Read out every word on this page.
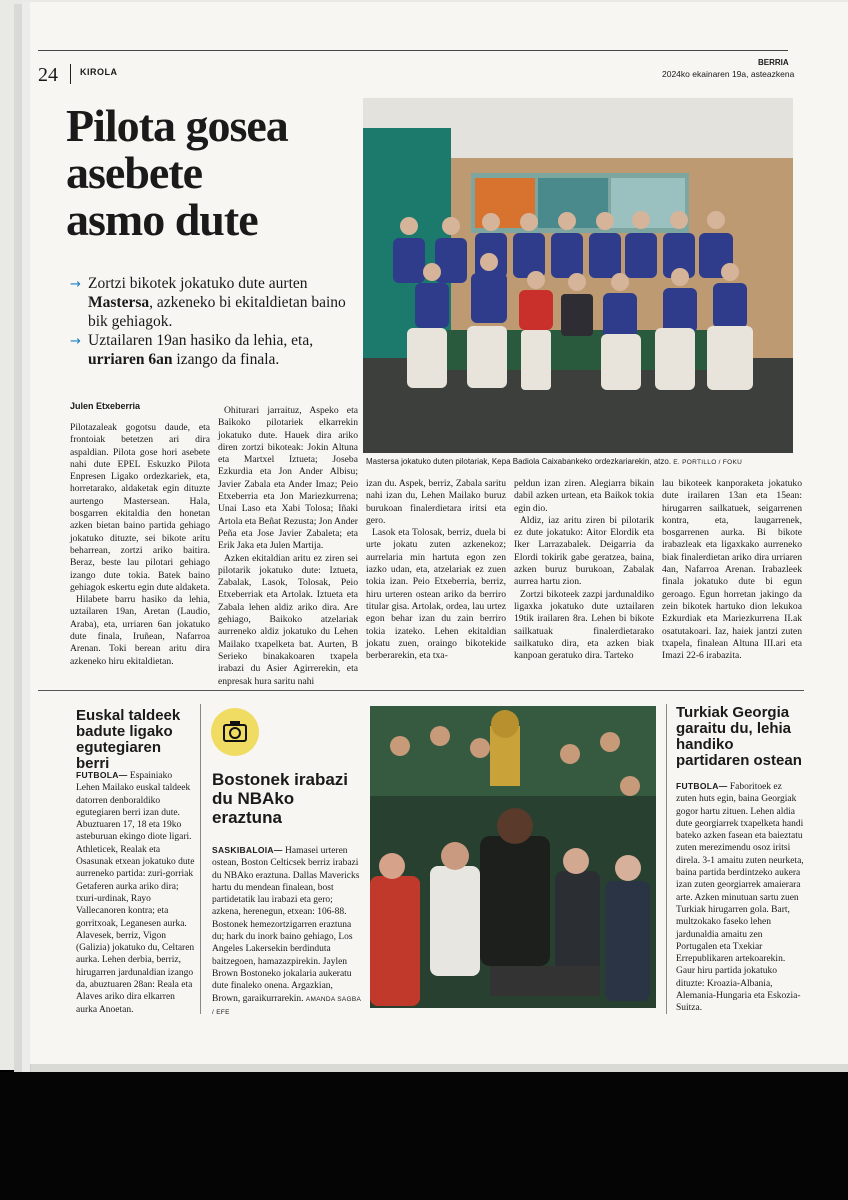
24 KIROLA
BERRIA
2024ko ekainaren 19a, asteazkena
Pilota gosea
asebete
asmo dute
→ Zortzi bikotek jokatuko dute aurten Mastersa, azkeneko bi ekitaldietan baino bik gehiagok.
→ Uztailaren 19an hasiko da lehia, eta, urriaren 6an izango da finala.
Julen Etxeberria
Mastersa jokatuko duten pilotariak, Kepa Badiola Caixabankeko ordezkariarekin, atzo. E. PORTILLO / FOKU

Pilotazaleak gogotsu daude, eta frontoiak betetzen ari dira aspaldian. Pilota gose hori asebete nahi dute EPEL Eskuzko Pilota Enpresen Ligako ordezkariek, eta, horretarako, aldaketak egin dituzte aurtengo Mastersean. Hala, bosgarren ekitaldia den honetan azken bietan baino partida gehiago jokatuko dituzte, sei bikote aritu beharrean, zortzi ariko baitira. Beraz, beste lau pilotari gehiago izango dute tokia. Batek baino gehiagok eskertu egin dute aldaketa.

Hilabete barru hasiko da lehia, uztailaren 19an, Aretan (Laudio, Araba), eta, urriaren 6an jokatuko dute finala, Iruñean, Nafarroa Arenan. Toki berean aritu dira azkeneko hiru ekitaldietan.

Ohiturari jarraituz, Aspeko eta Baikoko pilotariek elkarrekin jokatuko dute. Hauek dira ariko diren zortzi bikoteak: Jokin Altuna eta Martxel Iztueta; Joseba Ezkurdia eta Jon Ander Albisu; Javier Zabala eta Ander Imaz; Peio Etxeberria eta Jon Mariezkurrena; Unai Laso eta Xabi Tolosa; Iñaki Artola eta Beñat Rezusta; Jon Ander Peña eta Jose Javier Zabaleta; eta Erik Jaka eta Julen Martija.

Azken ekitaldian aritu ez ziren sei pilotarik jokatuko dute: Iztueta, Zabalak, Lasok, Tolosak, Peio Etxeberriak eta Artolak. Iztueta eta Zabala lehen aldiz ariko dira. Are gehiago, Baikoko atzelariak aurreneko aldiz jokatuko du Lehen Mailako txapelketa bat. Aurten, B Serieko binakakoaren txapela irabazi du Asier Agirrerekin, eta enpresak hura saritu nahi

izan du. Aspek, berriz, Zabala saritu nahi izan du, Lehen Mailako buruz burukoan finalerdietara iritsi eta gero.

Lasok eta Tolosak, berriz, duela bi urte jokatu zuten azkenekoz; aurrelaria min hartuta egon zen iazko udan, eta, atzelariak ez zuen tokia izan. Peio Etxeberria, berriz, hiru urteren ostean ariko da berriro titular gisa. Artolak, ordea, lau urtez egon behar izan du zain berriro tokia izateko. Lehen ekitaldian jokatu zuen, oraingo bikotekide berberarekin, eta txa-

peldun izan ziren. Alegiarra bikain dabil azken urtean, eta Baikok tokia egin dio.

Aldiz, iaz aritu ziren bi pilotarik ez dute jokatuko: Aitor Elordik eta Iker Larrazabalek. Deigarria da Elordi tokirik gabe geratzea, baina, azken buruz burukoan, Zabalak aurrea hartu zion.

Zortzi bikoteek zazpi jardunaldiko ligaxka jokatuko dute uztailaren 19tik irailaren 8ra. Lehen bi bikote sailkatuak finalerdietarako sailkatuko dira, eta azken biak kanpoan geratuko dira. Tarteko

lau bikoteek kanporaketa jokatuko dute irailaren 13an eta 15ean: hirugarren sailkatuek, seigarrenen kontra, eta, laugarrenek, bosgarrenen aurka. Bi bikote irabazleak eta ligaxkako aurreneko biak finalerdietan ariko dira urriaren 4an, Nafarroa Arenan. Irabazleek finala jokatuko dute bi egun geroago. Egun horretan jakingo da zein bikotek hartuko dion lekukoa Ezkurdiak eta Mariezkurrena II.ak osatutakoari. Iaz, haiek jantzi zuten txapela, finalean Altuna III.ari eta Imazi 22-6 irabazita.

Euskal taldeek badute ligako egutegiaren berri
FUTBOLA— Espainiako Lehen Mailako euskal taldeek datorren denboraldiko egutegiaren berri izan dute. Abuztuaren 17, 18 eta 19ko asteburuan ekingo diote ligari. Athleticek, Realak eta Osasunak etxean jokatuko dute aurreneko partida: zuri-gorriak Getaferen aurka ariko dira; txuri-urdinak, Rayo Vallecanoren kontra; eta gorritxoak, Leganesen aurka. Alavesek, berriz, Vigon (Galizia) jokatuko du, Celtaren aurka. Lehen derbia, berriz, hirugarren jardunaldian izango da, abuztuaren 28an: Reala eta Alaves ariko dira elkarren aurka Anoetan.
Bostonek irabazi du NBAko eraztuna
SASKIBALOIA— Hamasei urteren ostean, Boston Celticsek berriz irabazi du NBAko eraztuna. Dallas Mavericks hartu du mendean finalean, bost partidetatik lau irabazi eta gero; azkena, herenegun, etxean: 106-88. Bostonek hemezortzigarren eraztuna du; hark du inork baino gehiago, Los Angeles Lakersekin berdinduta baitzegoen, hamazazpirekin. Jaylen Brown Bostoneko jokalaria aukeratu dute finaleko onena. Argazkian, Brown, garaikurrarekin. AMANDA SAGBA / EFE
Turkiak Georgia garaitu du, lehia handiko partidaren ostean
FUTBOLA— Faboritoek ez zuten huts egin, baina Georgiak gogor hartu zituen. Lehen aldia dute georgiarrek txapelketa handi bateko azken fasean eta baieztatu zuten merezimendu osoz iritsi direla. 3-1 amaitu zuten neurketa, baina partida berdintzeko aukera izan zuten georgiarrek amaierara arte. Azken minutuan sartu zuen Turkiak hirugarren gola. Bart, multzokako faseko lehen jardunaldia amaitu zen Portugalen eta Txekiar Errepublikaren artekoarekin. Gaur hiru partida jokatuko dituzte: Kroazia-Albania, Alemania-Hungaria eta Eskozia-Suitza.
